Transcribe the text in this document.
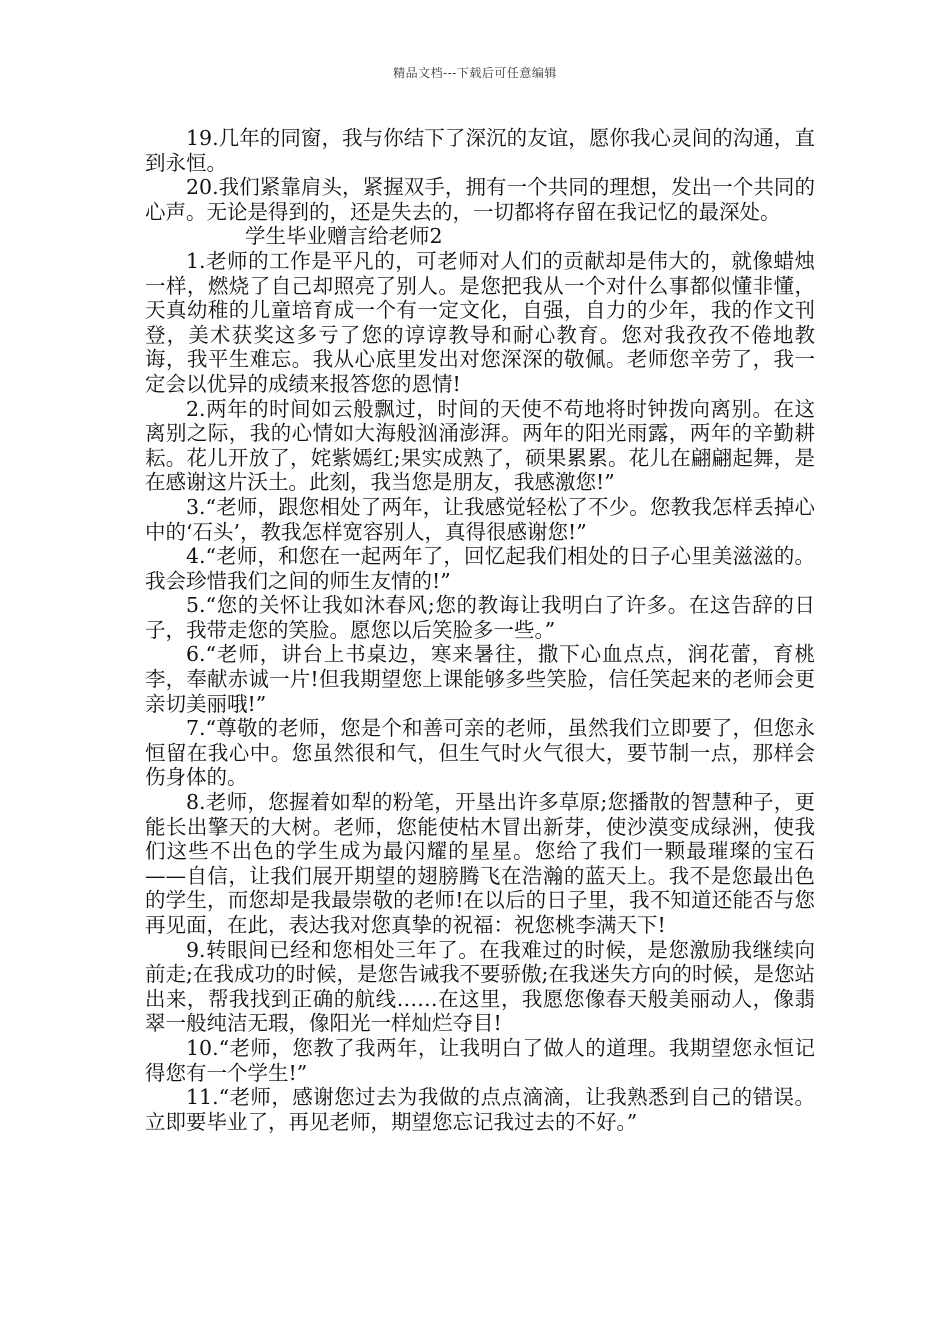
精品文档---下载后可任意编辑

19.几年的同窗，我与你结下了深沉的友谊，愿你我心灵间的沟通，直到永恒。

20.我们紧靠肩头，紧握双手，拥有一个共同的理想，发出一个共同的心声。无论是得到的，还是失去的，一切都将存留在我记忆的最深处。

学生毕业赠言给老师2

1.老师的工作是平凡的，可老师对人们的贡献却是伟大的，就像蜡烛一样，燃烧了自己却照亮了别人。是您把我从一个对什么事都似懂非懂，天真幼稚的儿童培育成一个有一定文化，自强，自力的少年，我的作文刊登，美术获奖这多亏了您的谆谆教导和耐心教育。您对我孜孜不倦地教诲，我平生难忘。我从心底里发出对您深深的敬佩。老师您辛劳了，我一定会以优异的成绩来报答您的恩情!

2.两年的时间如云般飘过，时间的天使不苟地将时钟拨向离别。在这离别之际，我的心情如大海般汹涌澎湃。两年的阳光雨露，两年的辛勤耕耘。花儿开放了，姹紫嫣红;果实成熟了，硕果累累。花儿在翩翩起舞，是在感谢这片沃土。此刻，我当您是朋友，我感激您!”

3.“老师，跟您相处了两年，让我感觉轻松了不少。您教我怎样丢掉心中的‘石头’，教我怎样宽容别人，真得很感谢您!”

4.“老师，和您在一起两年了，回忆起我们相处的日子心里美滋滋的。我会珍惜我们之间的师生友情的!”

5.“您的关怀让我如沐春风;您的教诲让我明白了许多。在这告辞的日子，我带走您的笑脸。愿您以后笑脸多一些。”

6.“老师，讲台上书桌边，寒来暑往，撒下心血点点，润花蕾，育桃李，奉献赤诚一片!但我期望您上课能够多些笑脸，信任笑起来的老师会更亲切美丽哦!”

7.“尊敬的老师，您是个和善可亲的老师，虽然我们立即要了，但您永恒留在我心中。您虽然很和气，但生气时火气很大，要节制一点，那样会伤身体的。

8.老师，您握着如犁的粉笔，开垦出许多草原;您播散的智慧种子，更能长出擎天的大树。老师，您能使枯木冒出新芽，使沙漠变成绿洲，使我们这些不出色的学生成为最闪耀的星星。您给了我们一颗最璀璨的宝石——自信，让我们展开期望的翅膀腾飞在浩瀚的蓝天上。我不是您最出色的学生，而您却是我最崇敬的老师!在以后的日子里，我不知道还能否与您再见面，在此，表达我对您真挚的祝福：祝您桃李满天下!

9.转眼间已经和您相处三年了。在我难过的时候，是您激励我继续向前走;在我成功的时候，是您告诫我不要骄傲;在我迷失方向的时候，是您站出来，帮我找到正确的航线……在这里，我愿您像春天般美丽动人，像翡翠一般纯洁无瑕，像阳光一样灿烂夺目!

10.“老师，您教了我两年，让我明白了做人的道理。我期望您永恒记得您有一个学生!”

11.“老师，感谢您过去为我做的点点滴滴，让我熟悉到自己的错误。立即要毕业了，再见老师，期望您忘记我过去的不好。”
